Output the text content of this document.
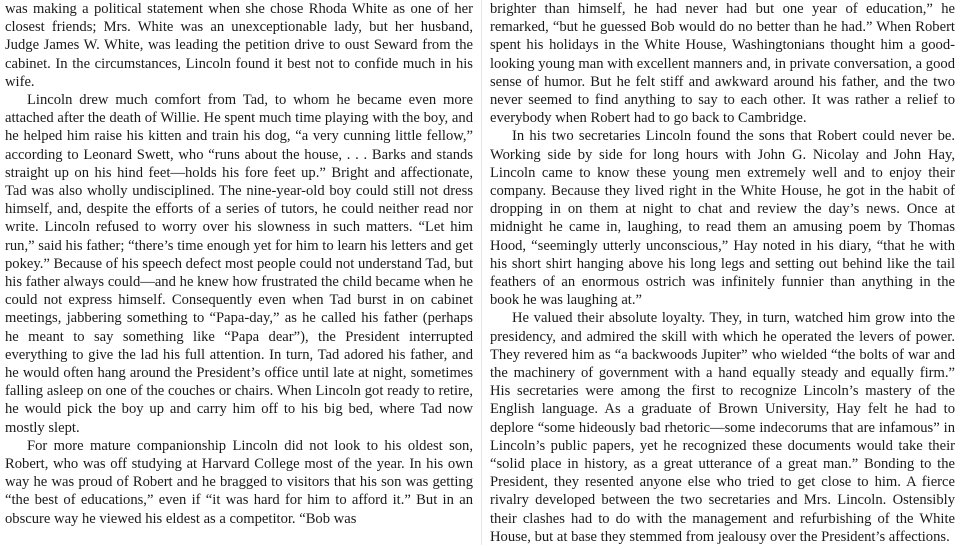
was making a political statement when she chose Rhoda White as one of her closest friends; Mrs. White was an unexceptionable lady, but her husband, Judge James W. White, was leading the petition drive to oust Seward from the cabinet. In the circumstances, Lincoln found it best not to confide much in his wife.

Lincoln drew much comfort from Tad, to whom he became even more attached after the death of Willie. He spent much time playing with the boy, and he helped him raise his kitten and train his dog, “a very cunning little fellow,” according to Leonard Swett, who “runs about the house, . . . Barks and stands straight up on his hind feet—holds his fore feet up.” Bright and affectionate, Tad was also wholly undisciplined. The nine-year-old boy could still not dress himself, and, despite the efforts of a series of tutors, he could neither read nor write. Lincoln refused to worry over his slowness in such matters. “Let him run,” said his father; “there’s time enough yet for him to learn his letters and get pokey.” Because of his speech defect most people could not understand Tad, but his father always could—and he knew how frustrated the child became when he could not express himself. Consequently even when Tad burst in on cabinet meetings, jabbering something to “Papa-day,” as he called his father (perhaps he meant to say something like “Papa dear”), the President interrupted everything to give the lad his full attention. In turn, Tad adored his father, and he would often hang around the President’s office until late at night, sometimes falling asleep on one of the couches or chairs. When Lincoln got ready to retire, he would pick the boy up and carry him off to his big bed, where Tad now mostly slept.

For more mature companionship Lincoln did not look to his oldest son, Robert, who was off studying at Harvard College most of the year. In his own way he was proud of Robert and he bragged to visitors that his son was getting “the best of educations,” even if “it was hard for him to afford it.” But in an obscure way he viewed his eldest as a competitor. “Bob was

brighter than himself, he had never had but one year of education,” he remarked, “but he guessed Bob would do no better than he had.” When Robert spent his holidays in the White House, Washingtonians thought him a good-looking young man with excellent manners and, in private conversation, a good sense of humor. But he felt stiff and awkward around his father, and the two never seemed to find anything to say to each other. It was rather a relief to everybody when Robert had to go back to Cambridge.

In his two secretaries Lincoln found the sons that Robert could never be. Working side by side for long hours with John G. Nicolay and John Hay, Lincoln came to know these young men extremely well and to enjoy their company. Because they lived right in the White House, he got in the habit of dropping in on them at night to chat and review the day’s news. Once at midnight he came in, laughing, to read them an amusing poem by Thomas Hood, “seemingly utterly unconscious,” Hay noted in his diary, “that he with his short shirt hanging above his long legs and setting out behind like the tail feathers of an enormous ostrich was infinitely funnier than anything in the book he was laughing at.”

He valued their absolute loyalty. They, in turn, watched him grow into the presidency, and admired the skill with which he operated the levers of power. They revered him as “a backwoods Jupiter” who wielded “the bolts of war and the machinery of government with a hand equally steady and equally firm.” His secretaries were among the first to recognize Lincoln’s mastery of the English language. As a graduate of Brown University, Hay felt he had to deplore “some hideously bad rhetoric—some indecorums that are infamous” in Lincoln’s public papers, yet he recognized these documents would take their “solid place in history, as a great utterance of a great man.” Bonding to the President, they resented anyone else who tried to get close to him. A fierce rivalry developed between the two secretaries and Mrs. Lincoln. Ostensibly their clashes had to do with the management and refurbishing of the White House, but at base they stemmed from jealousy over the President’s affections.
